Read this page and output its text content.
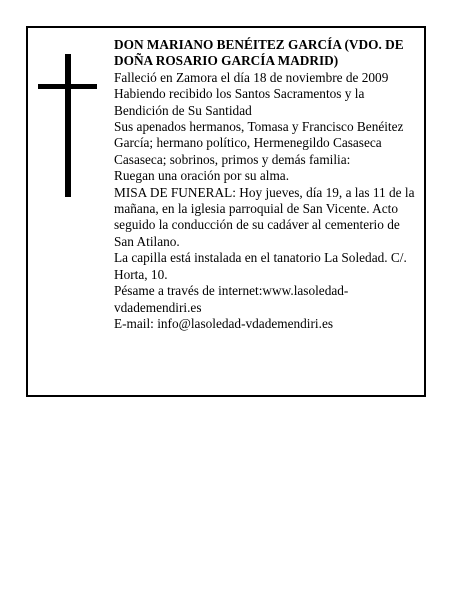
DON MARIANO BENÉITEZ GARCÍA (VDO. DE DOÑA ROSARIO GARCÍA MADRID)

Falleció en Zamora el día 18 de noviembre de 2009

Habiendo recibido los Santos Sacramentos y la Bendición de Su Santidad

Sus apenados hermanos, Tomasa y Francisco Benéitez García; hermano político, Hermenegildo Casaseca Casaseca; sobrinos, primos y demás familia:

Ruegan una oración por su alma.

MISA DE FUNERAL: Hoy jueves, día 19, a las 11 de la mañana, en la iglesia parroquial de San Vicente. Acto seguido la conducción de su cadáver al cementerio de San Atilano.

La capilla está instalada en el tanatorio La Soledad. C/. Horta, 10.

Pésame a través de internet:www.lasoledad-vdademendiri.es

E-mail: info@lasoledad-vdademendiri.es
